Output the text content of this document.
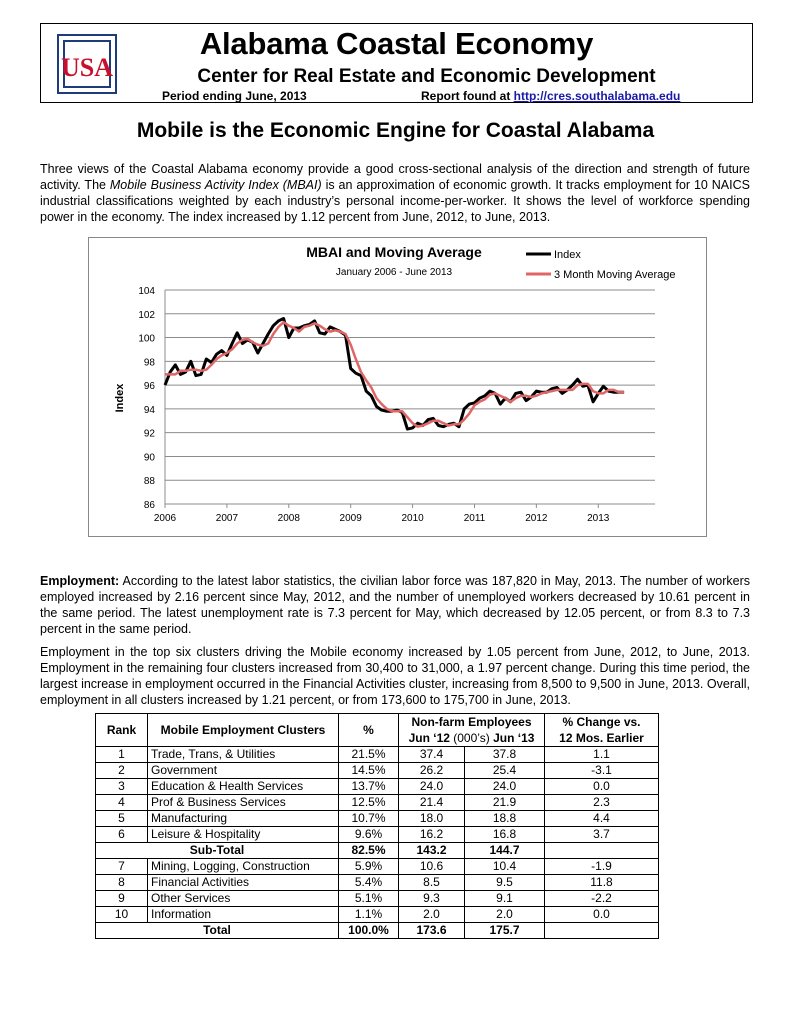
USA
Alabama Coastal Economy
Center for Real Estate and Economic Development
Period ending June, 2013	Report found at http://cres.southalabama.edu
Mobile is the Economic Engine for Coastal Alabama
Three views of the Coastal Alabama economy provide a good cross-sectional analysis of the direction and strength of future activity. The Mobile Business Activity Index (MBAI) is an approximation of economic growth. It tracks employment for 10 NAICS industrial classifications weighted by each industry’s personal income-per-worker. It shows the level of workforce spending power in the economy. The index increased by 1.12 percent from June, 2012, to June, 2013.
MBAI and Moving Average
January 2006 - June 2013
86
88
90
92
94
96
98
100
102
104
2006	2007	2008	2009	2010	2011	2012	2013
Index
Index
3 Month Moving Average
Employment: According to the latest labor statistics, the civilian labor force was 187,820 in May, 2013. The number of workers employed increased by 2.16 percent since May, 2012, and the number of unemployed workers decreased by 10.61 percent in the same period. The latest unemployment rate is 7.3 percent for May, which decreased by 12.05 percent, or from 8.3 to 7.3 percent in the same period.
Employment in the top six clusters driving the Mobile economy increased by 1.05 percent from June, 2012, to June, 2013. Employment in the remaining four clusters increased from 30,400 to 31,000, a 1.97 percent change. During this time period, the largest increase in employment occurred in the Financial Activities cluster, increasing from 8,500 to 9,500 in June, 2013. Overall, employment in all clusters increased by 1.21 percent, or from 173,600 to 175,700 in June, 2013.
Rank	Mobile Employment Clusters	%	Non-farm Employees		% Change vs.
			Jun ‘12 (000’s) Jun ‘13		12 Mos. Earlier
1	Trade, Trans, & Utilities	21.5%	37.4	37.8	1.1
2	Government	14.5%	26.2	25.4	-3.1
3	Education & Health Services	13.7%	24.0	24.0	0.0
4	Prof & Business Services	12.5%	21.4	21.9	2.3
5	Manufacturing	10.7%	18.0	18.8	4.4
6	Leisure & Hospitality	9.6%	16.2	16.8	3.7
Sub-Total		82.5%	143.2	144.7	
7	Mining, Logging, Construction	5.9%	10.6	10.4	-1.9
8	Financial Activities	5.4%	8.5	9.5	11.8
9	Other Services	5.1%	9.3	9.1	-2.2
10	Information	1.1%	2.0	2.0	0.0
Total		100.0%	173.6	175.7	
